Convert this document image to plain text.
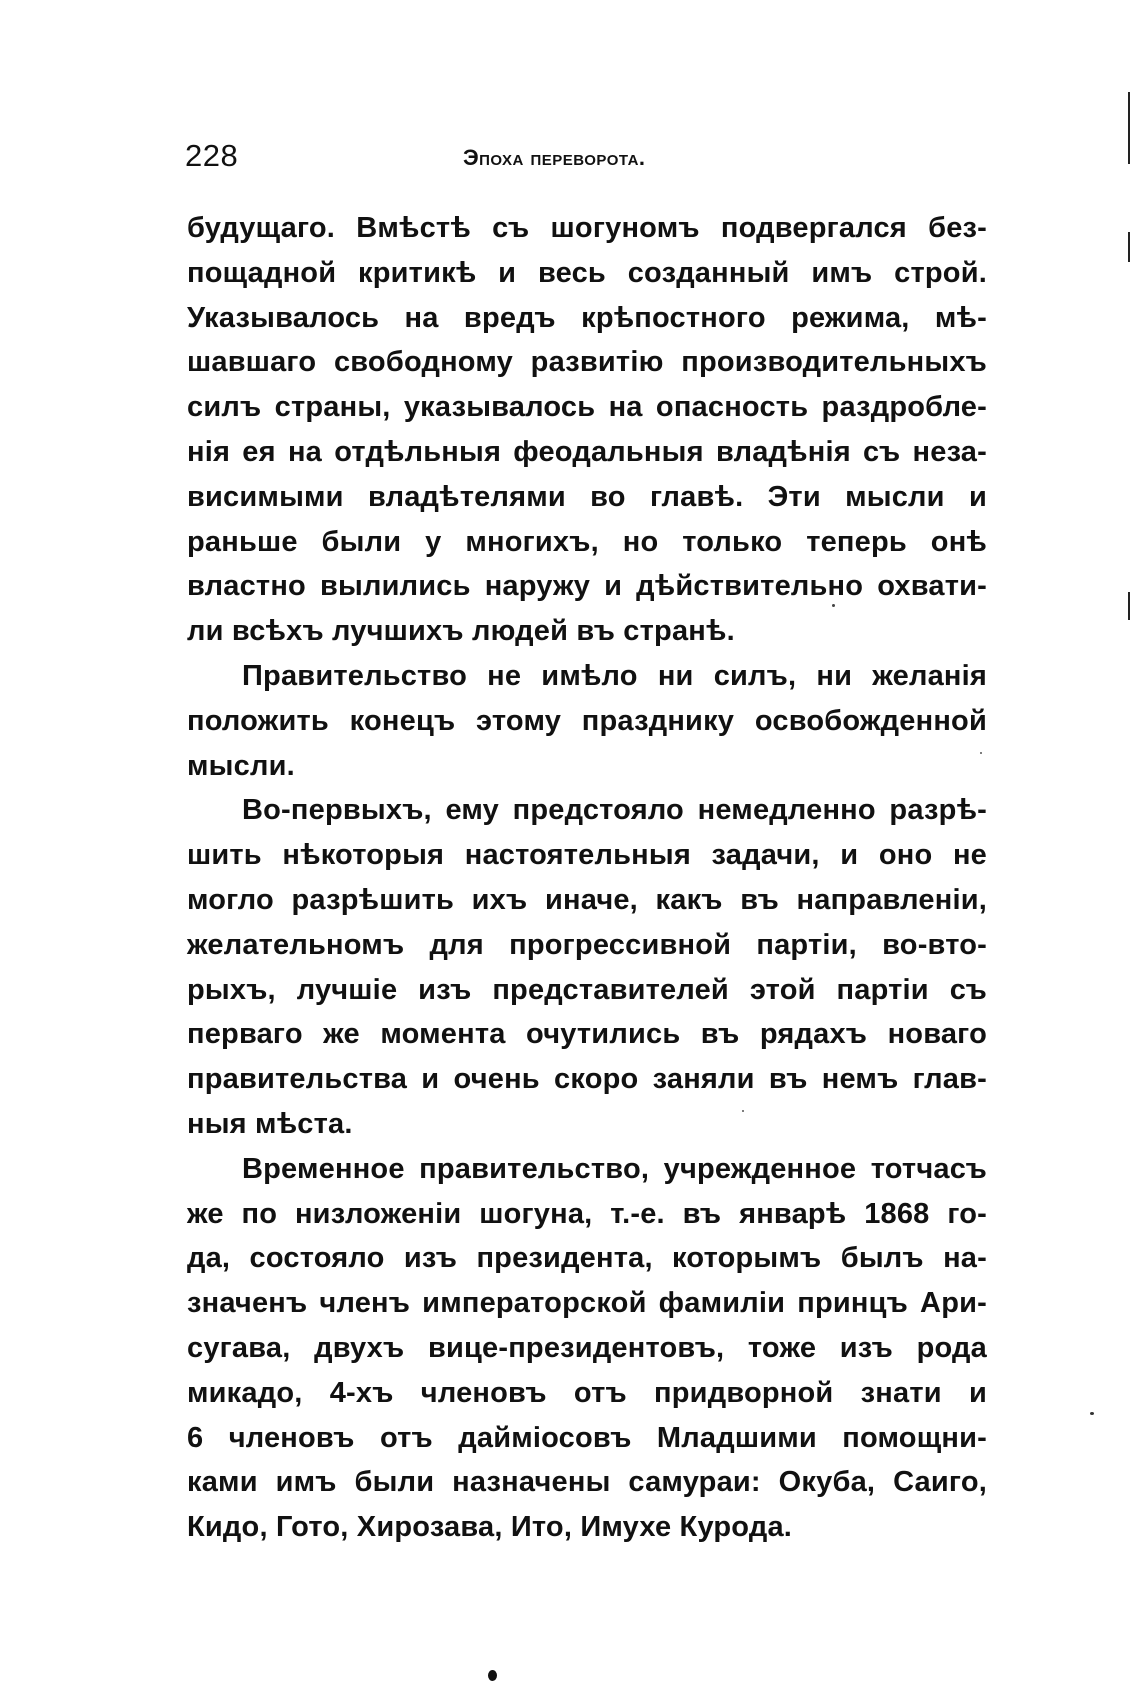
228	Эпоха переворота.
будущаго. Вмѣстѣ съ шогуномъ подвергался без-
пощадной критикѣ и весь созданный имъ строй.
Указывалось на вредъ крѣпостного режима, мѣ-
шавшаго свободному развитію производительныхъ
силъ страны, указывалось на опасность раздробле-
нія ея на отдѣльныя феодальныя владѣнія съ неза-
висимыми владѣтелями во главѣ. Эти мысли и
раньше были у многихъ, но только теперь онѣ
властно вылились наружу и дѣйствительно охвати-
ли всѣхъ лучшихъ людей въ странѣ.
Правительство не имѣло ни силъ, ни желанія
положить конецъ этому празднику освобожденной
мысли.
Во-первыхъ, ему предстояло немедленно разрѣ-
шить нѣкоторыя настоятельныя задачи, и оно не
могло разрѣшить ихъ иначе, какъ въ направленіи,
желательномъ для прогрессивной партіи, во-вто-
рыхъ, лучшіе изъ представителей этой партіи съ
перваго же момента очутились въ рядахъ новаго
правительства и очень скоро заняли въ немъ глав-
ныя мѣста.
Временное правительство, учрежденное тотчасъ
же по низложеніи шогуна, т.-е. въ январѣ 1868 го-
да, состояло изъ президента, которымъ былъ на-
значенъ членъ императорской фамиліи принцъ Ари-
сугава, двухъ вице-президентовъ, тоже изъ рода
микадо, 4-хъ членовъ отъ придворной знати и
6 членовъ отъ дайміосовъ Младшими помощни-
ками имъ были назначены самураи: Окуба, Саиго,
Кидо, Гото, Хирозава, Ито, Имухе Курода.
